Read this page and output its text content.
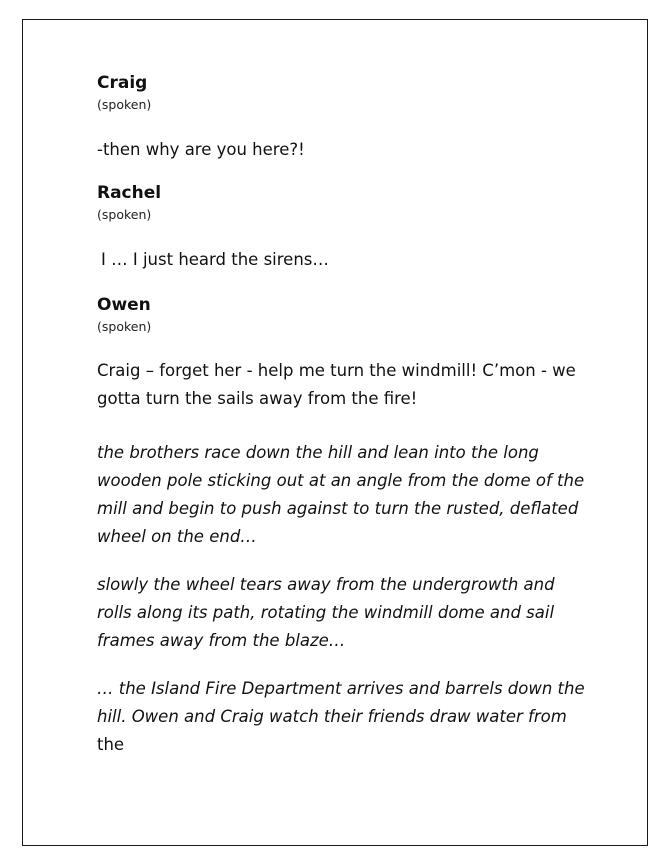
Craig

(spoken)

-then why are you here?!

Rachel

(spoken)

I … I just heard the sirens…

Owen

(spoken)

Craig – forget her - help me turn the windmill! C’mon - we gotta turn the sails away from the fire!

the brothers race down the hill and lean into the long wooden pole sticking out at an angle from the dome of the mill and begin to push against to turn the rusted, deflated wheel on the end…

slowly the wheel tears away from the undergrowth and rolls along its path, rotating the windmill dome and sail frames away from the blaze…

… the Island Fire Department arrives and barrels down the hill. Owen and Craig watch their friends draw water from the
